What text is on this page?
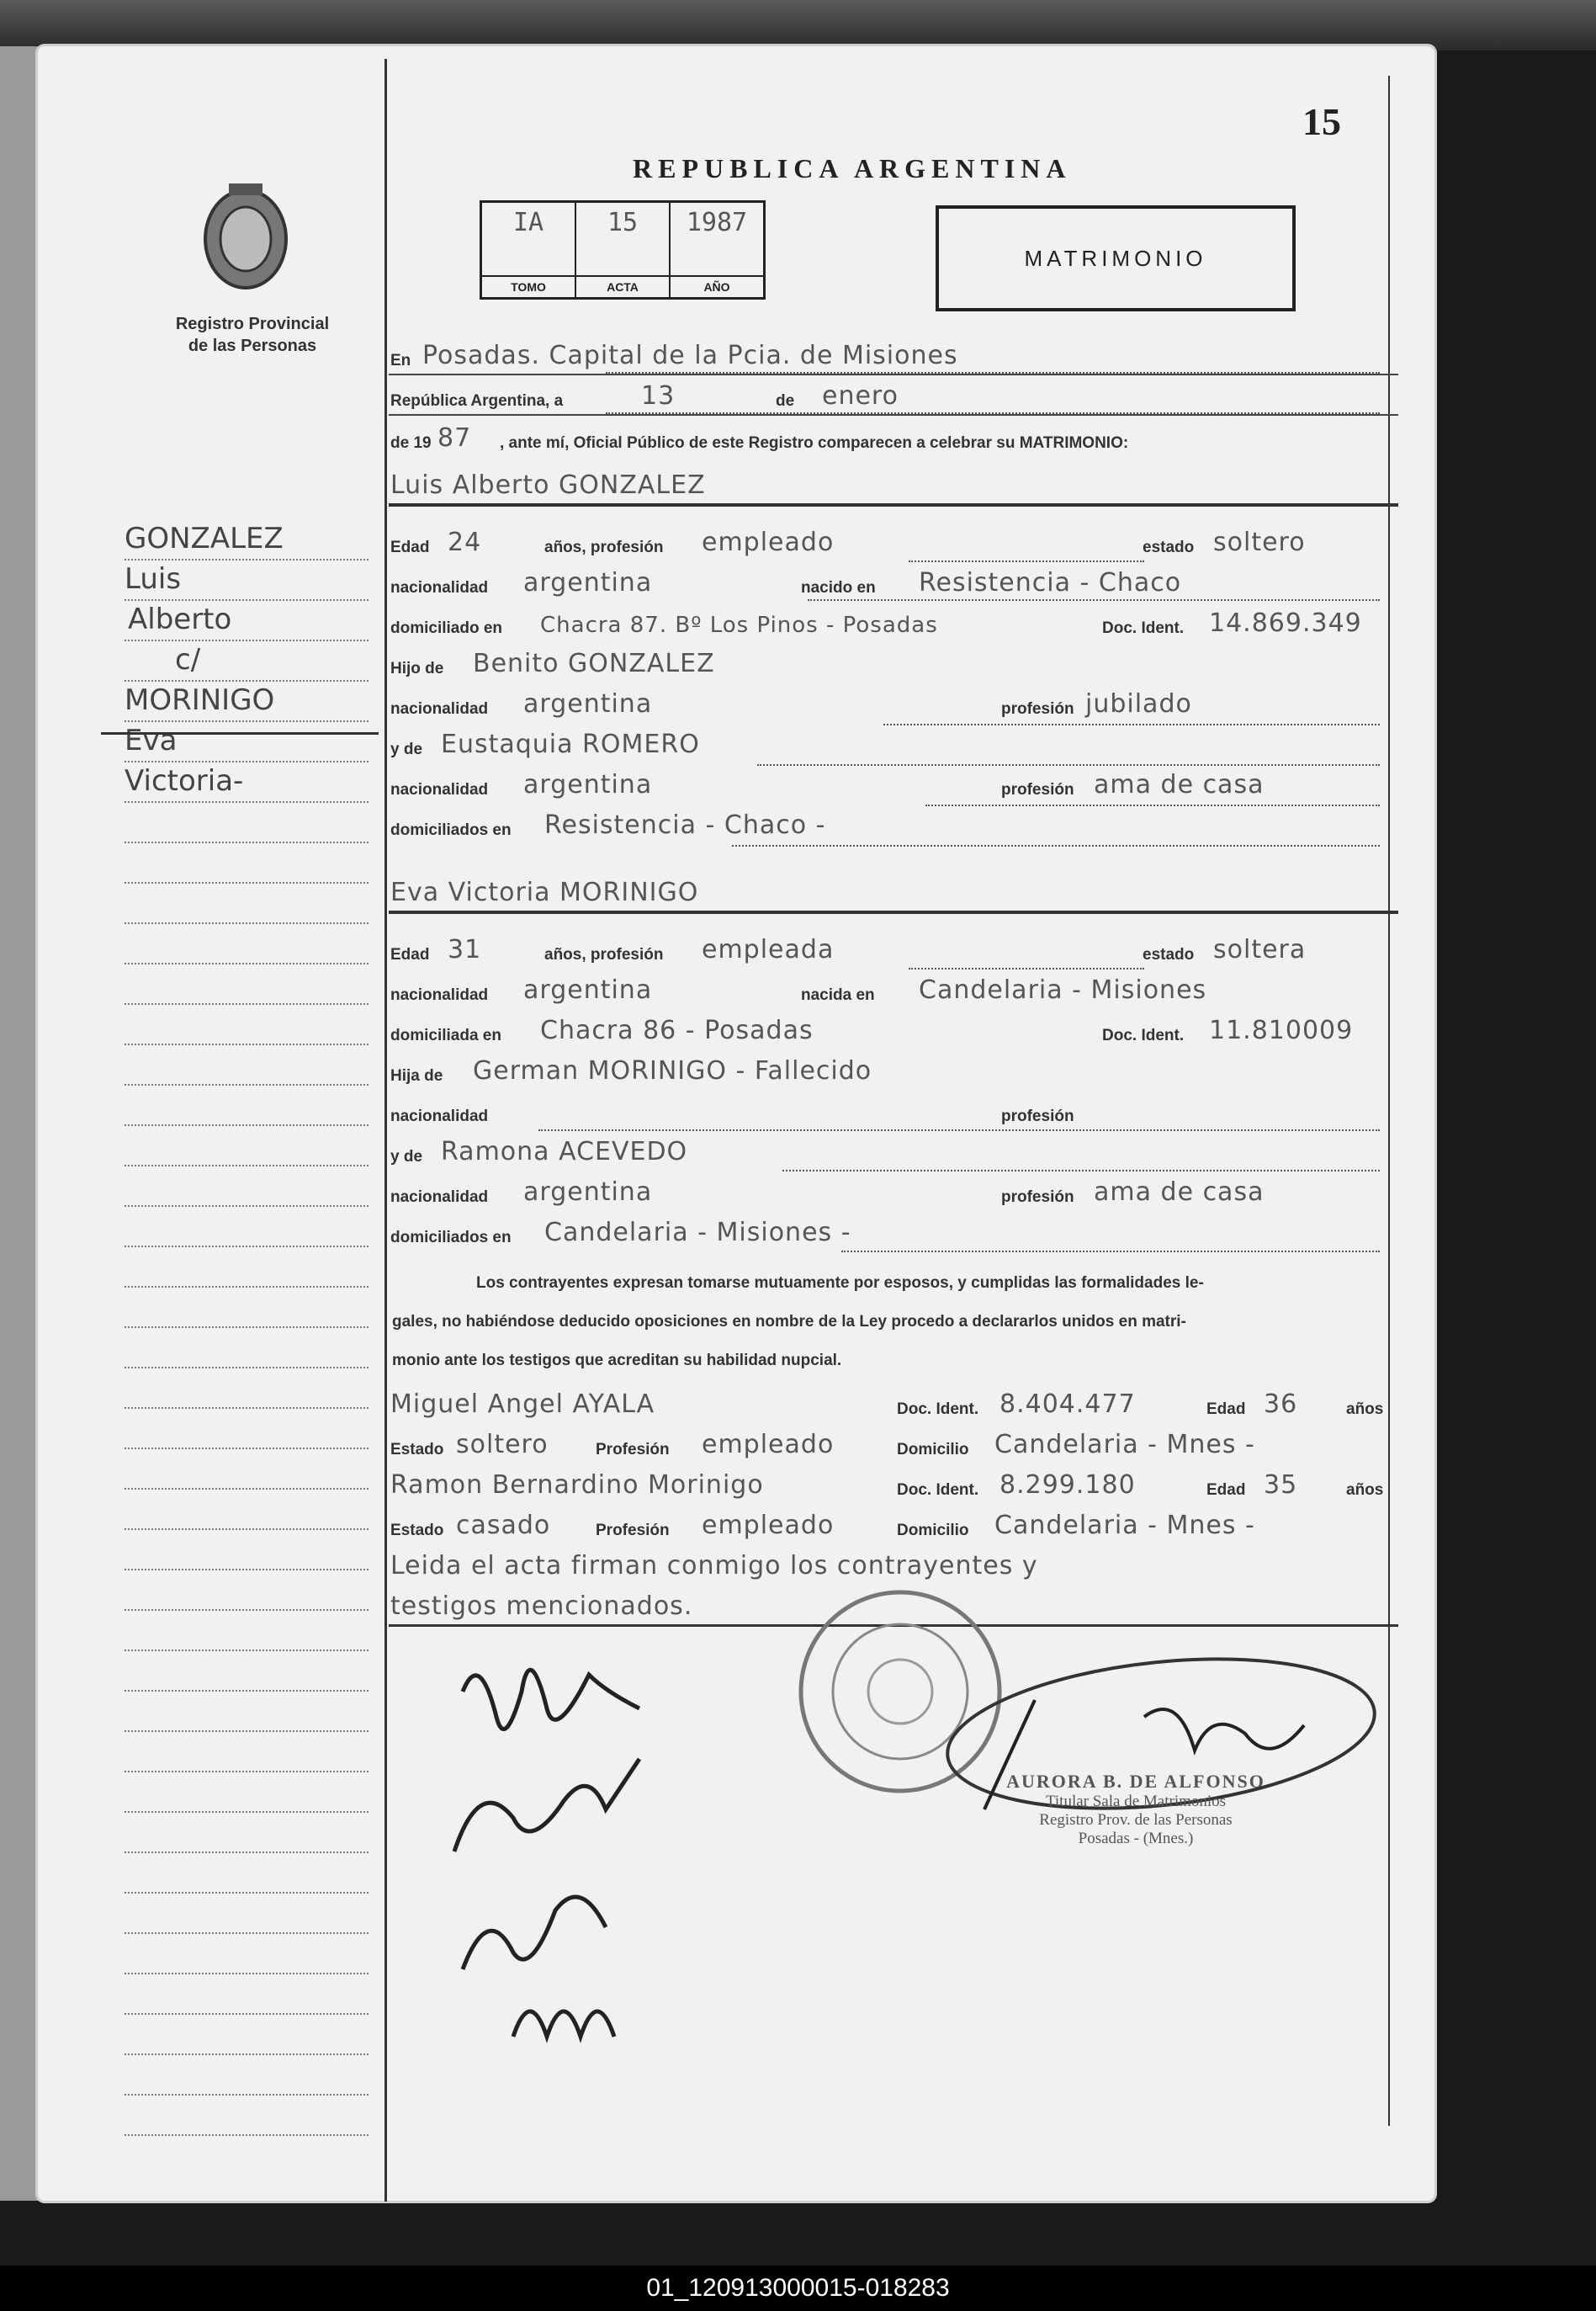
15
REPUBLICA ARGENTINA
Registro Provincial
de las Personas
IA
TOMO
15
ACTA
1987
AÑO
MATRIMONIO
En Posadas. Capital de la Pcia. de Misiones
República Argentina, a	13	de enero
de 19 87 , ante mí, Oficial Público de este Registro comparecen a celebrar su MATRIMONIO:
Luis Alberto GONZALEZ
Edad 24	años, profesión empleado	estado soltero
nacionalidad argentina	nacido en Resistencia - Chaco
domiciliado en Chacra 87. Bº Los Pinos - Posadas	Doc. Ident. 14.869.349
Hijo de Benito GONZALEZ
nacionalidad argentina	profesión jubilado
y de Eustaquia ROMERO
nacionalidad argentina	profesión ama de casa
domiciliados en Resistencia - Chaco -
Eva Victoria MORINIGO
Edad 31	años, profesión empleada	estado soltera
nacionalidad argentina	nacida en Candelaria - Misiones
domiciliada en Chacra 86 - Posadas	Doc. Ident. 11.810009
Hija de German MORINIGO - Fallecido
nacionalidad	profesión
y de Ramona ACEVEDO
nacionalidad argentina	profesión ama de casa
domiciliados en Candelaria - Misiones -
Los contrayentes expresan tomarse mutuamente por esposos, y cumplidas las formalidades le-
gales, no habiéndose deducido oposiciones en nombre de la Ley procedo a declararlos unidos en matri-
monio ante los testigos que acreditan su habilidad nupcial.
Miguel Angel AYALA	Doc. Ident. 8.404.477	Edad 36	años
Estado soltero	Profesión empleado	Domicilio Candelaria - Mnes -
Ramon Bernardino Morinigo	Doc. Ident. 8.299.180	Edad 35	años
Estado casado	Profesión empleado	Domicilio Candelaria - Mnes -
Leida el acta firman conmigo los contrayentes y
testigos mencionados.
AURORA B. DE ALFONSO
Titular Sala de Matrimonios
Registro Prov. de las Personas
Posadas - (Mnes.)
GONZALEZ
Luis
Alberto
c/
MORINIGO
Eva
Victoria-
01_120913000015-018283
